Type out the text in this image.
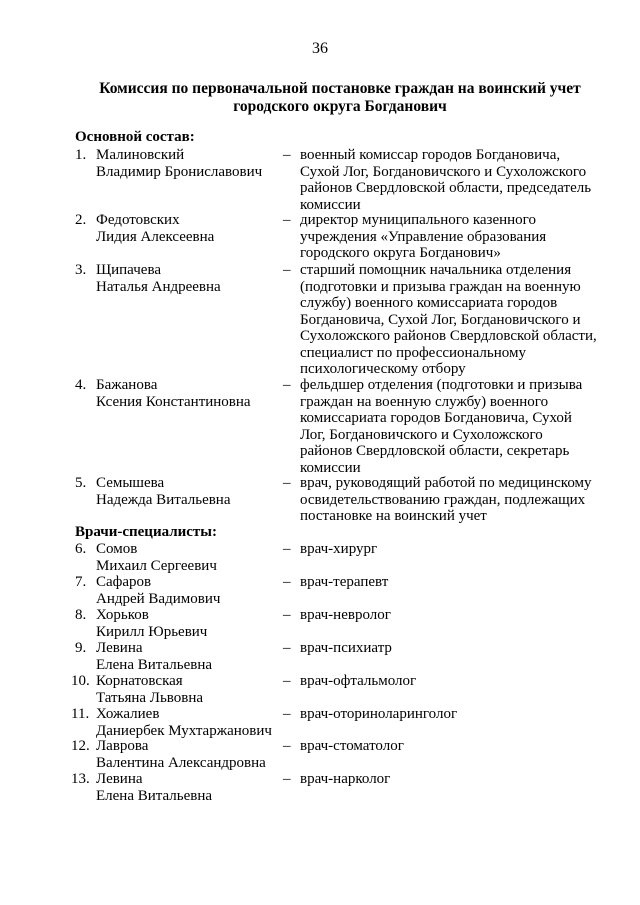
36
Комиссия по первоначальной постановке граждан на воинский учет
городского округа Богданович
Основной состав:
1. Малиновский
Владимир Брониславович
– военный комиссар городов Богдановича,
Сухой Лог, Богдановичского и Сухоложского
районов Свердловской области, председатель
комиссии
2. Федотовских
Лидия Алексеевна
– директор муниципального казенного
учреждения «Управление образования
городского округа Богданович»
3. Щипачева
Наталья Андреевна
– старший помощник начальника отделения
(подготовки и призыва граждан на военную
службу) военного комиссариата городов
Богдановича, Сухой Лог, Богдановичского и
Сухоложского районов Свердловской области,
специалист по профессиональному
психологическому отбору
4. Бажанова
Ксения Константиновна
– фельдшер отделения (подготовки и призыва
граждан на военную службу) военного
комиссариата городов Богдановича, Сухой
Лог, Богдановичского и Сухоложского
районов Свердловской области, секретарь
комиссии
5. Семышева
Надежда Витальевна
– врач, руководящий работой по медицинскому
освидетельствованию граждан, подлежащих
постановке на воинский учет
Врачи-специалисты:
6. Сомов
Михаил Сергеевич
– врач-хирург
7. Сафаров
Андрей Вадимович
– врач-терапевт
8. Хорьков
Кирилл Юрьевич
– врач-невролог
9. Левина
Елена Витальевна
– врач-психиатр
10. Корнатовская
Татьяна Львовна
– врач-офтальмолог
11. Хожалиев
Даниербек Мухтаржанович
– врач-оториноларинголог
12. Лаврова
Валентина Александровна
– врач-стоматолог
13. Левина
Елена Витальевна
– врач-нарколог
